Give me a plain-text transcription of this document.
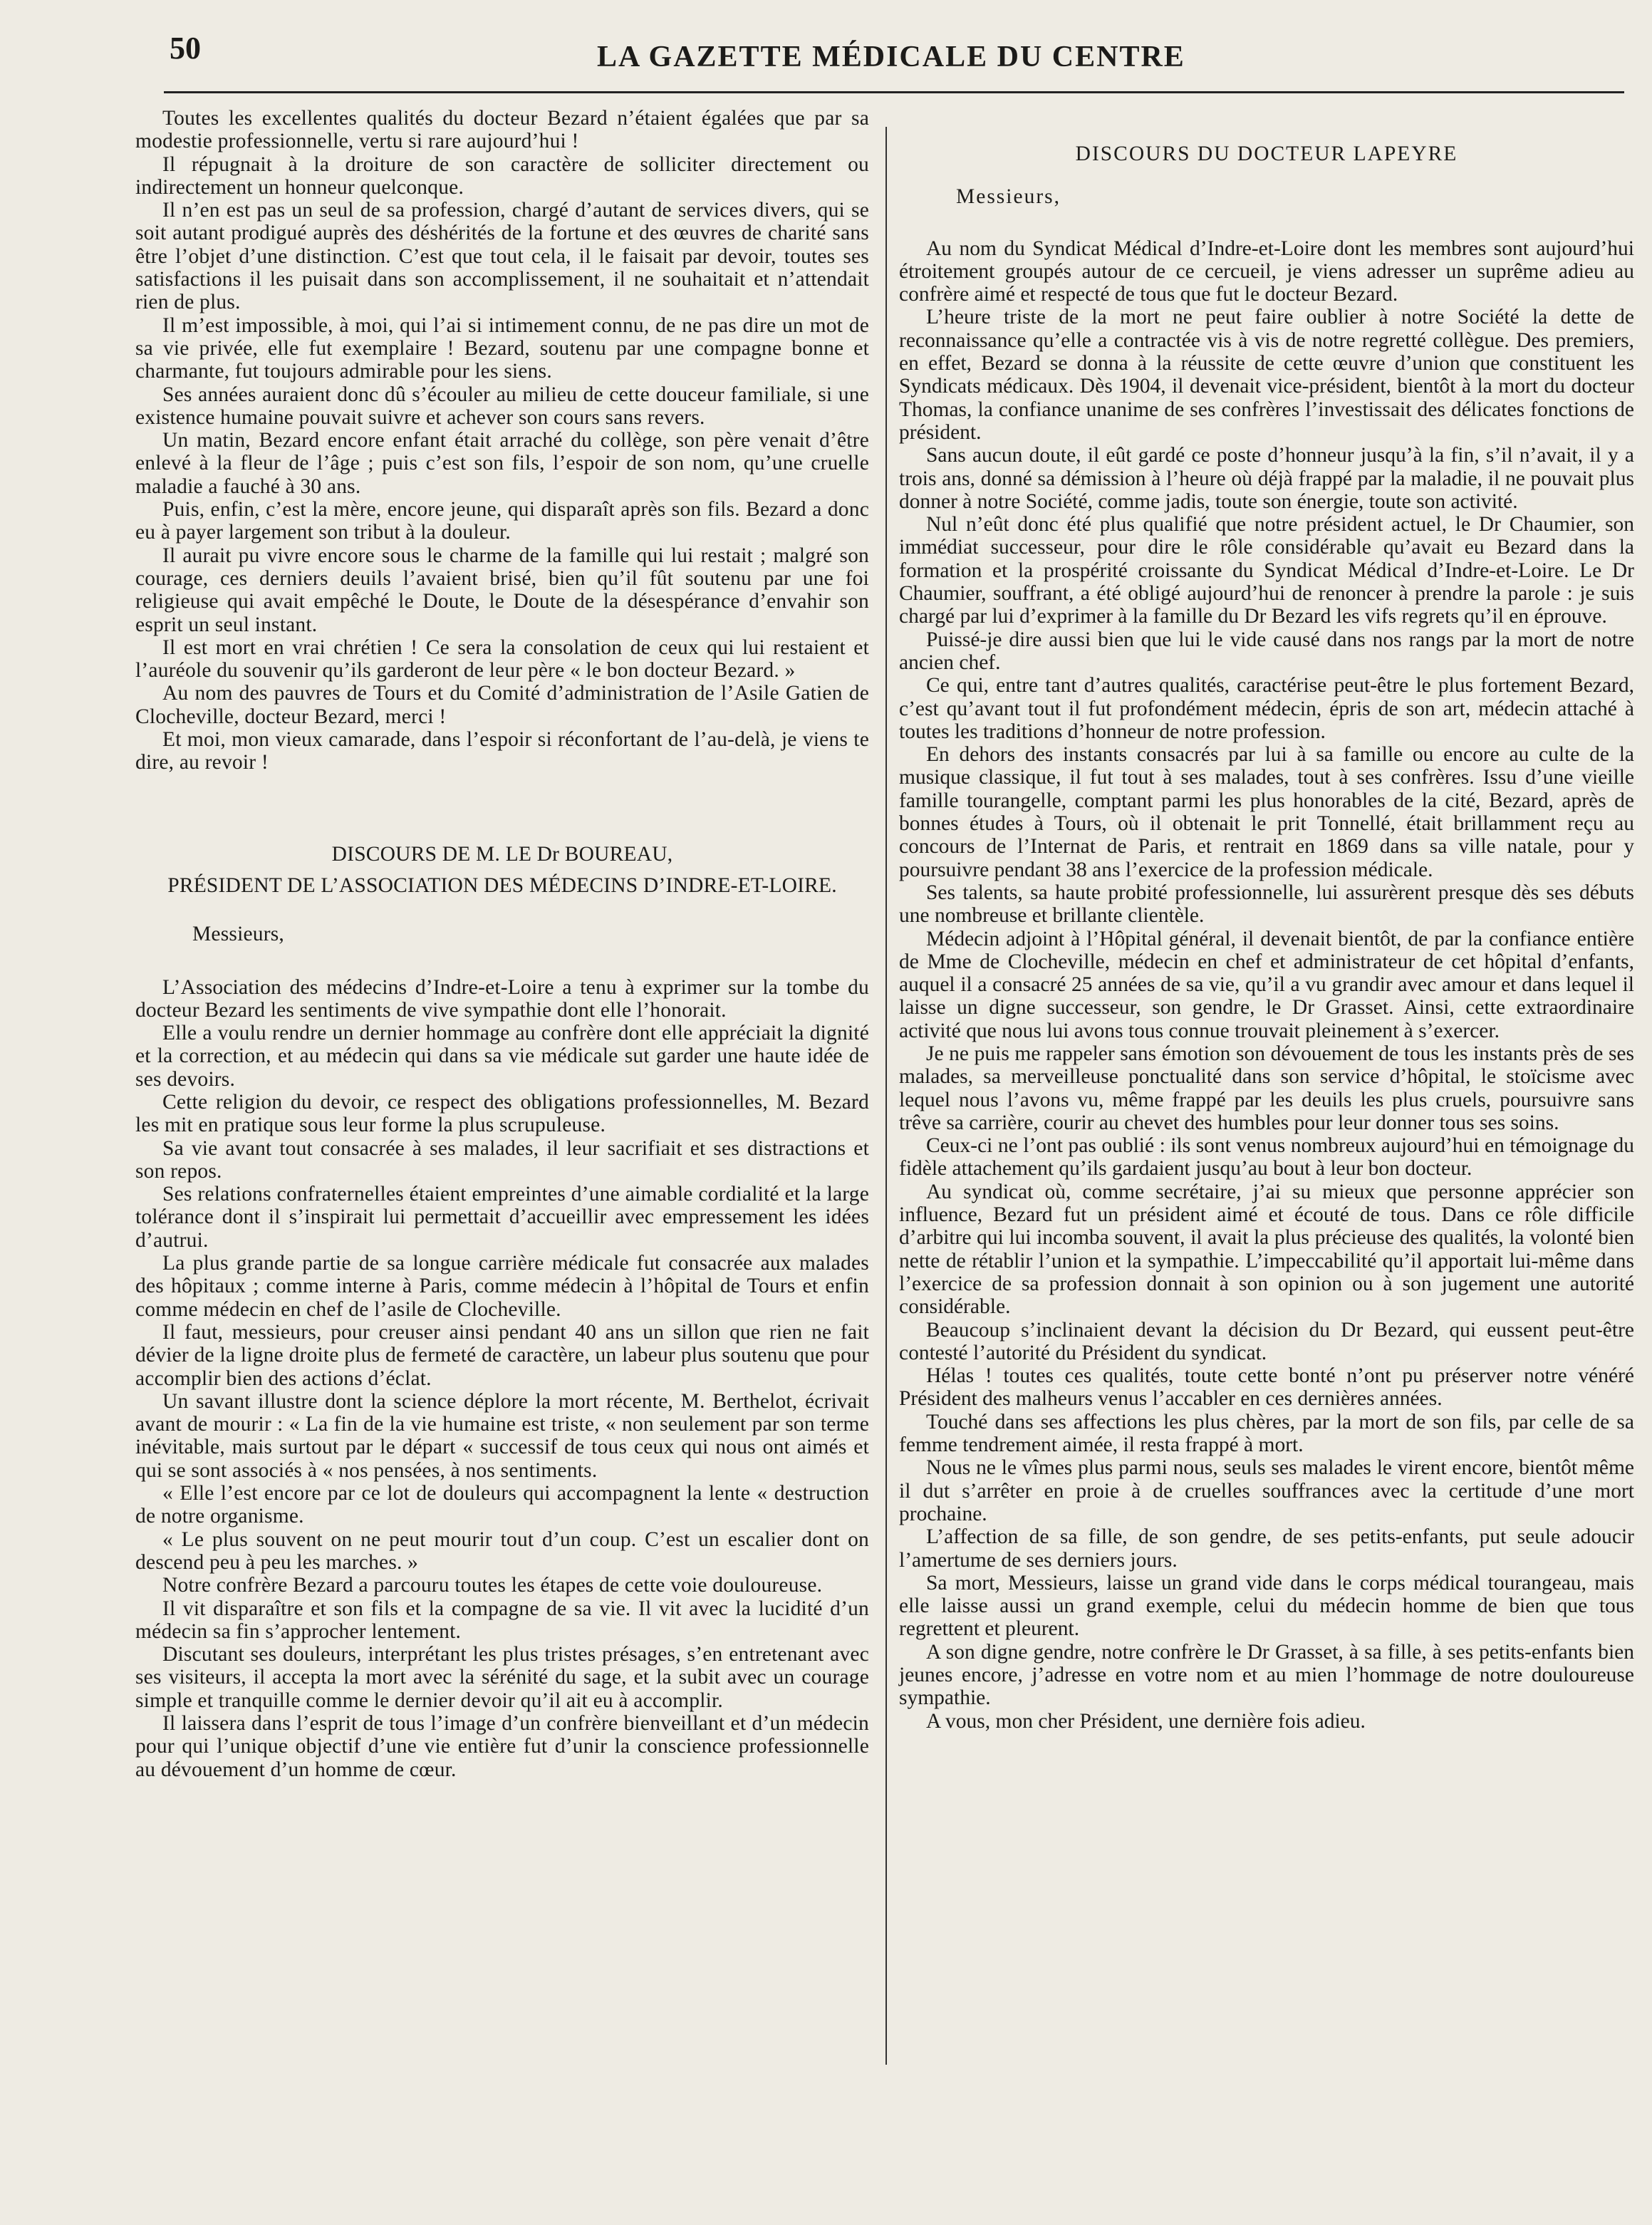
50	LA GAZETTE MÉDICALE DU CENTRE

Toutes les excellentes qualités du docteur Bezard n’étaient égalées que par sa modestie professionnelle, vertu si rare aujourd’hui !

Il répugnait à la droiture de son caractère de solliciter directement ou indirectement un honneur quelconque.

Il n’en est pas un seul de sa profession, chargé d’autant de services divers, qui se soit autant prodigué auprès des déshérités de la fortune et des œuvres de charité sans être l’objet d’une distinction. C’est que tout cela, il le faisait par devoir, toutes ses satisfactions il les puisait dans son accomplissement, il ne souhaitait et n’attendait rien de plus.

Il m’est impossible, à moi, qui l’ai si intimement connu, de ne pas dire un mot de sa vie privée, elle fut exemplaire ! Bezard, soutenu par une compagne bonne et charmante, fut toujours admirable pour les siens.

Ses années auraient donc dû s’écouler au milieu de cette douceur familiale, si une existence humaine pouvait suivre et achever son cours sans revers.

Un matin, Bezard encore enfant était arraché du collège, son père venait d’être enlevé à la fleur de l’âge ; puis c’est son fils, l’espoir de son nom, qu’une cruelle maladie a fauché à 30 ans.

Puis, enfin, c’est la mère, encore jeune, qui disparaît après son fils. Bezard a donc eu à payer largement son tribut à la douleur.

Il aurait pu vivre encore sous le charme de la famille qui lui restait ; malgré son courage, ces derniers deuils l’avaient brisé, bien qu’il fût soutenu par une foi religieuse qui avait empêché le Doute, le Doute de la désespérance d’envahir son esprit un seul instant.

Il est mort en vrai chrétien ! Ce sera la consolation de ceux qui lui restaient et l’auréole du souvenir qu’ils garderont de leur père « le bon docteur Bezard. »

Au nom des pauvres de Tours et du Comité d’administration de l’Asile Gatien de Clocheville, docteur Bezard, merci !

Et moi, mon vieux camarade, dans l’espoir si réconfortant de l’au-delà, je viens te dire, au revoir !

DISCOURS DE M. LE Dr BOUREAU,

PRÉSIDENT DE L’ASSOCIATION DES MÉDECINS D’INDRE-ET-LOIRE.

Messieurs,

L’Association des médecins d’Indre-et-Loire a tenu à exprimer sur la tombe du docteur Bezard les sentiments de vive sympathie dont elle l’honorait.

Elle a voulu rendre un dernier hommage au confrère dont elle appréciait la dignité et la correction, et au médecin qui dans sa vie médicale sut garder une haute idée de ses devoirs.

Cette religion du devoir, ce respect des obligations professionnelles, M. Bezard les mit en pratique sous leur forme la plus scrupuleuse.

Sa vie avant tout consacrée à ses malades, il leur sacrifiait et ses distractions et son repos.

Ses relations confraternelles étaient empreintes d’une aimable cordialité et la large tolérance dont il s’inspirait lui permettait d’accueillir avec empressement les idées d’autrui.

La plus grande partie de sa longue carrière médicale fut consacrée aux malades des hôpitaux ; comme interne à Paris, comme médecin à l’hôpital de Tours et enfin comme médecin en chef de l’asile de Clocheville.

Il faut, messieurs, pour creuser ainsi pendant 40 ans un sillon que rien ne fait dévier de la ligne droite plus de fermeté de caractère, un labeur plus soutenu que pour accomplir bien des actions d’éclat.

Un savant illustre dont la science déplore la mort récente, M. Berthelot, écrivait avant de mourir : « La fin de la vie humaine est triste, « non seulement par son terme inévitable, mais surtout par le départ « successif de tous ceux qui nous ont aimés et qui se sont associés à « nos pensées, à nos sentiments.

« Elle l’est encore par ce lot de douleurs qui accompagnent la lente « destruction de notre organisme.

« Le plus souvent on ne peut mourir tout d’un coup. C’est un escalier dont on descend peu à peu les marches. »

Notre confrère Bezard a parcouru toutes les étapes de cette voie douloureuse.

Il vit disparaître et son fils et la compagne de sa vie. Il vit avec la lucidité d’un médecin sa fin s’approcher lentement.

Discutant ses douleurs, interprétant les plus tristes présages, s’en entretenant avec ses visiteurs, il accepta la mort avec la sérénité du sage, et la subit avec un courage simple et tranquille comme le dernier devoir qu’il ait eu à accomplir.

Il laissera dans l’esprit de tous l’image d’un confrère bienveillant et d’un médecin pour qui l’unique objectif d’une vie entière fut d’unir la conscience professionnelle au dévouement d’un homme de cœur.

DISCOURS DU DOCTEUR LAPEYRE

Messieurs,

Au nom du Syndicat Médical d’Indre-et-Loire dont les membres sont aujourd’hui étroitement groupés autour de ce cercueil, je viens adresser un suprême adieu au confrère aimé et respecté de tous que fut le docteur Bezard.

L’heure triste de la mort ne peut faire oublier à notre Société la dette de reconnaissance qu’elle a contractée vis à vis de notre regretté collègue. Des premiers, en effet, Bezard se donna à la réussite de cette œuvre d’union que constituent les Syndicats médicaux. Dès 1904, il devenait vice-président, bientôt à la mort du docteur Thomas, la confiance unanime de ses confrères l’investissait des délicates fonctions de président.

Sans aucun doute, il eût gardé ce poste d’honneur jusqu’à la fin, s’il n’avait, il y a trois ans, donné sa démission à l’heure où déjà frappé par la maladie, il ne pouvait plus donner à notre Société, comme jadis, toute son énergie, toute son activité.

Nul n’eût donc été plus qualifié que notre président actuel, le Dr Chaumier, son immédiat successeur, pour dire le rôle considérable qu’avait eu Bezard dans la formation et la prospérité croissante du Syndicat Médical d’Indre-et-Loire. Le Dr Chaumier, souffrant, a été obligé aujourd’hui de renoncer à prendre la parole : je suis chargé par lui d’exprimer à la famille du Dr Bezard les vifs regrets qu’il en éprouve.

Puissé-je dire aussi bien que lui le vide causé dans nos rangs par la mort de notre ancien chef.

Ce qui, entre tant d’autres qualités, caractérise peut-être le plus fortement Bezard, c’est qu’avant tout il fut profondément médecin, épris de son art, médecin attaché à toutes les traditions d’honneur de notre profession.

En dehors des instants consacrés par lui à sa famille ou encore au culte de la musique classique, il fut tout à ses malades, tout à ses confrères. Issu d’une vieille famille tourangelle, comptant parmi les plus honorables de la cité, Bezard, après de bonnes études à Tours, où il obtenait le prit Tonnellé, était brillamment reçu au concours de l’Internat de Paris, et rentrait en 1869 dans sa ville natale, pour y poursuivre pendant 38 ans l’exercice de la profession médicale.

Ses talents, sa haute probité professionnelle, lui assurèrent presque dès ses débuts une nombreuse et brillante clientèle.

Médecin adjoint à l’Hôpital général, il devenait bientôt, de par la confiance entière de Mme de Clocheville, médecin en chef et administrateur de cet hôpital d’enfants, auquel il a consacré 25 années de sa vie, qu’il a vu grandir avec amour et dans lequel il laisse un digne successeur, son gendre, le Dr Grasset. Ainsi, cette extraordinaire activité que nous lui avons tous connue trouvait pleinement à s’exercer.

Je ne puis me rappeler sans émotion son dévouement de tous les instants près de ses malades, sa merveilleuse ponctualité dans son service d’hôpital, le stoïcisme avec lequel nous l’avons vu, même frappé par les deuils les plus cruels, poursuivre sans trêve sa carrière, courir au chevet des humbles pour leur donner tous ses soins.

Ceux-ci ne l’ont pas oublié : ils sont venus nombreux aujourd’hui en témoignage du fidèle attachement qu’ils gardaient jusqu’au bout à leur bon docteur.

Au syndicat où, comme secrétaire, j’ai su mieux que personne apprécier son influence, Bezard fut un président aimé et écouté de tous. Dans ce rôle difficile d’arbitre qui lui incomba souvent, il avait la plus précieuse des qualités, la volonté bien nette de rétablir l’union et la sympathie. L’impeccabilité qu’il apportait lui-même dans l’exercice de sa profession donnait à son opinion ou à son jugement une autorité considérable.

Beaucoup s’inclinaient devant la décision du Dr Bezard, qui eussent peut-être contesté l’autorité du Président du syndicat.

Hélas ! toutes ces qualités, toute cette bonté n’ont pu préserver notre vénéré Président des malheurs venus l’accabler en ces dernières années.

Touché dans ses affections les plus chères, par la mort de son fils, par celle de sa femme tendrement aimée, il resta frappé à mort.

Nous ne le vîmes plus parmi nous, seuls ses malades le virent encore, bientôt même il dut s’arrêter en proie à de cruelles souffrances avec la certitude d’une mort prochaine.

L’affection de sa fille, de son gendre, de ses petits-enfants, put seule adoucir l’amertume de ses derniers jours.

Sa mort, Messieurs, laisse un grand vide dans le corps médical tourangeau, mais elle laisse aussi un grand exemple, celui du médecin homme de bien que tous regrettent et pleurent.

A son digne gendre, notre confrère le Dr Grasset, à sa fille, à ses petits-enfants bien jeunes encore, j’adresse en votre nom et au mien l’hommage de notre douloureuse sympathie.

A vous, mon cher Président, une dernière fois adieu.
